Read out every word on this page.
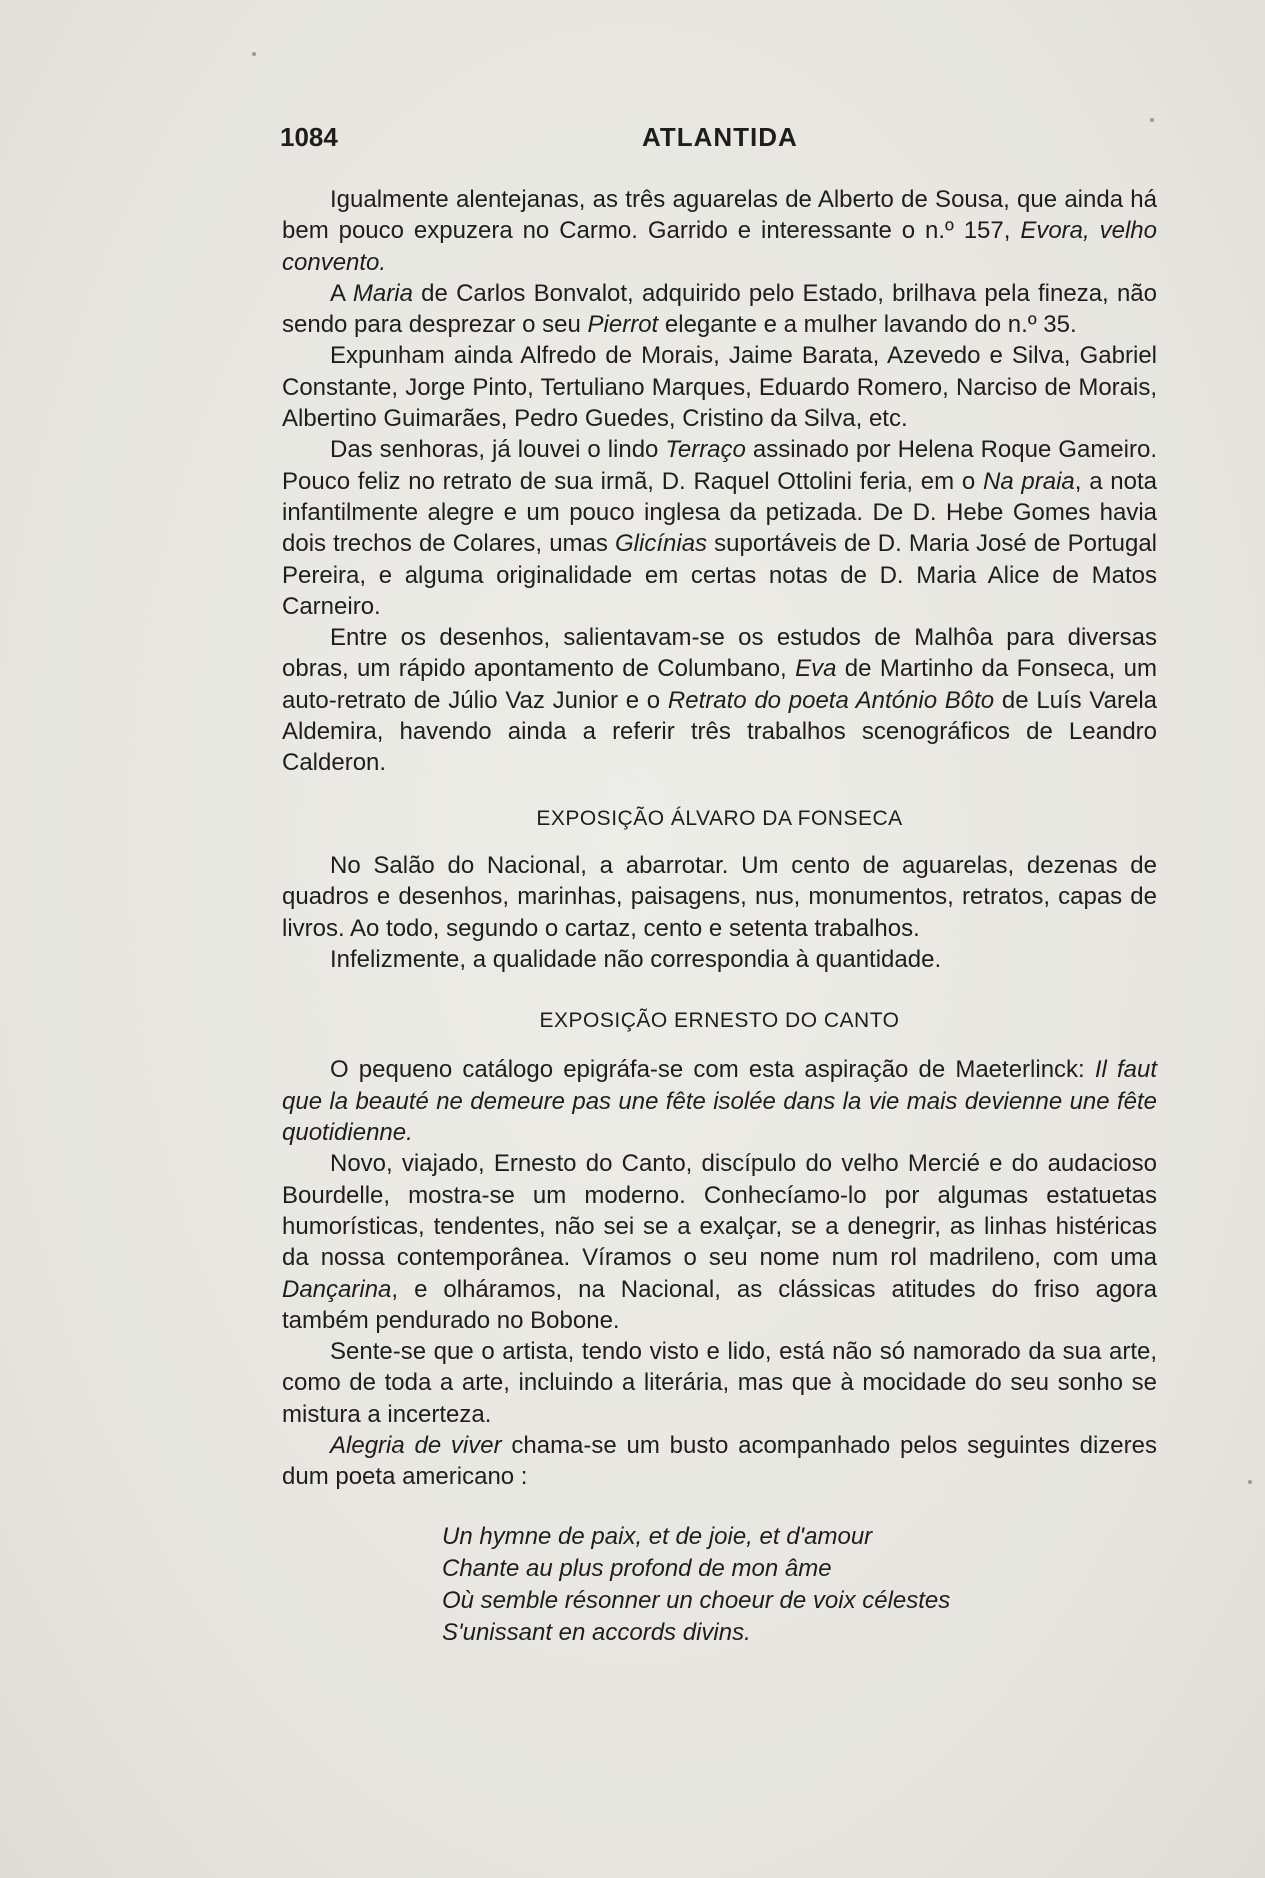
1084	ATLANTIDA

Igualmente alentejanas, as três aguarelas de Alberto de Sousa, que ainda há bem pouco expuzera no Carmo. Garrido e interessante o n.º 157, Evora, velho convento.

A Maria de Carlos Bonvalot, adquirido pelo Estado, brilhava pela fineza, não sendo para desprezar o seu Pierrot elegante e a mulher lavando do n.º 35.

Expunham ainda Alfredo de Morais, Jaime Barata, Azevedo e Silva, Gabriel Constante, Jorge Pinto, Tertuliano Marques, Eduardo Romero, Narciso de Morais, Albertino Guimarães, Pedro Guedes, Cristino da Silva, etc.

Das senhoras, já louvei o lindo Terraço assinado por Helena Roque Gameiro. Pouco feliz no retrato de sua irmã, D. Raquel Ottolini feria, em o Na praia, a nota infantilmente alegre e um pouco inglesa da petizada. De D. Hebe Gomes havia dois trechos de Colares, umas Glicínias suportáveis de D. Maria José de Portugal Pereira, e alguma originalidade em certas notas de D. Maria Alice de Matos Carneiro.

Entre os desenhos, salientavam-se os estudos de Malhôa para diversas obras, um rápido apontamento de Columbano, Eva de Martinho da Fonseca, um auto-retrato de Júlio Vaz Junior e o Retrato do poeta António Bôto de Luís Varela Aldemira, havendo ainda a referir três trabalhos scenográficos de Leandro Calderon.

EXPOSIÇÃO ÁLVARO DA FONSECA

No Salão do Nacional, a abarrotar. Um cento de aguarelas, dezenas de quadros e desenhos, marinhas, paisagens, nus, monumentos, retratos, capas de livros. Ao todo, segundo o cartaz, cento e setenta trabalhos.

Infelizmente, a qualidade não correspondia à quantidade.

EXPOSIÇÃO ERNESTO DO CANTO

O pequeno catálogo epigráfa-se com esta aspiração de Maeterlinck: Il faut que la beauté ne demeure pas une fête isolée dans la vie mais devienne une fête quotidienne.

Novo, viajado, Ernesto do Canto, discípulo do velho Mercié e do audacioso Bourdelle, mostra-se um moderno. Conhecíamo-lo por algumas estatuetas humorísticas, tendentes, não sei se a exalçar, se a denegrir, as linhas histéricas da nossa contemporânea. Víramos o seu nome num rol madrileno, com uma Dançarina, e olháramos, na Nacional, as clássicas atitudes do friso agora também pendurado no Bobone.

Sente-se que o artista, tendo visto e lido, está não só namorado da sua arte, como de toda a arte, incluindo a literária, mas que à mocidade do seu sonho se mistura a incerteza.

Alegria de viver chama-se um busto acompanhado pelos seguintes dizeres dum poeta americano :

Un hymne de paix, et de joie, et d'amour
Chante au plus profond de mon âme
Où semble résonner un choeur de voix célestes
S'unissant en accords divins.
